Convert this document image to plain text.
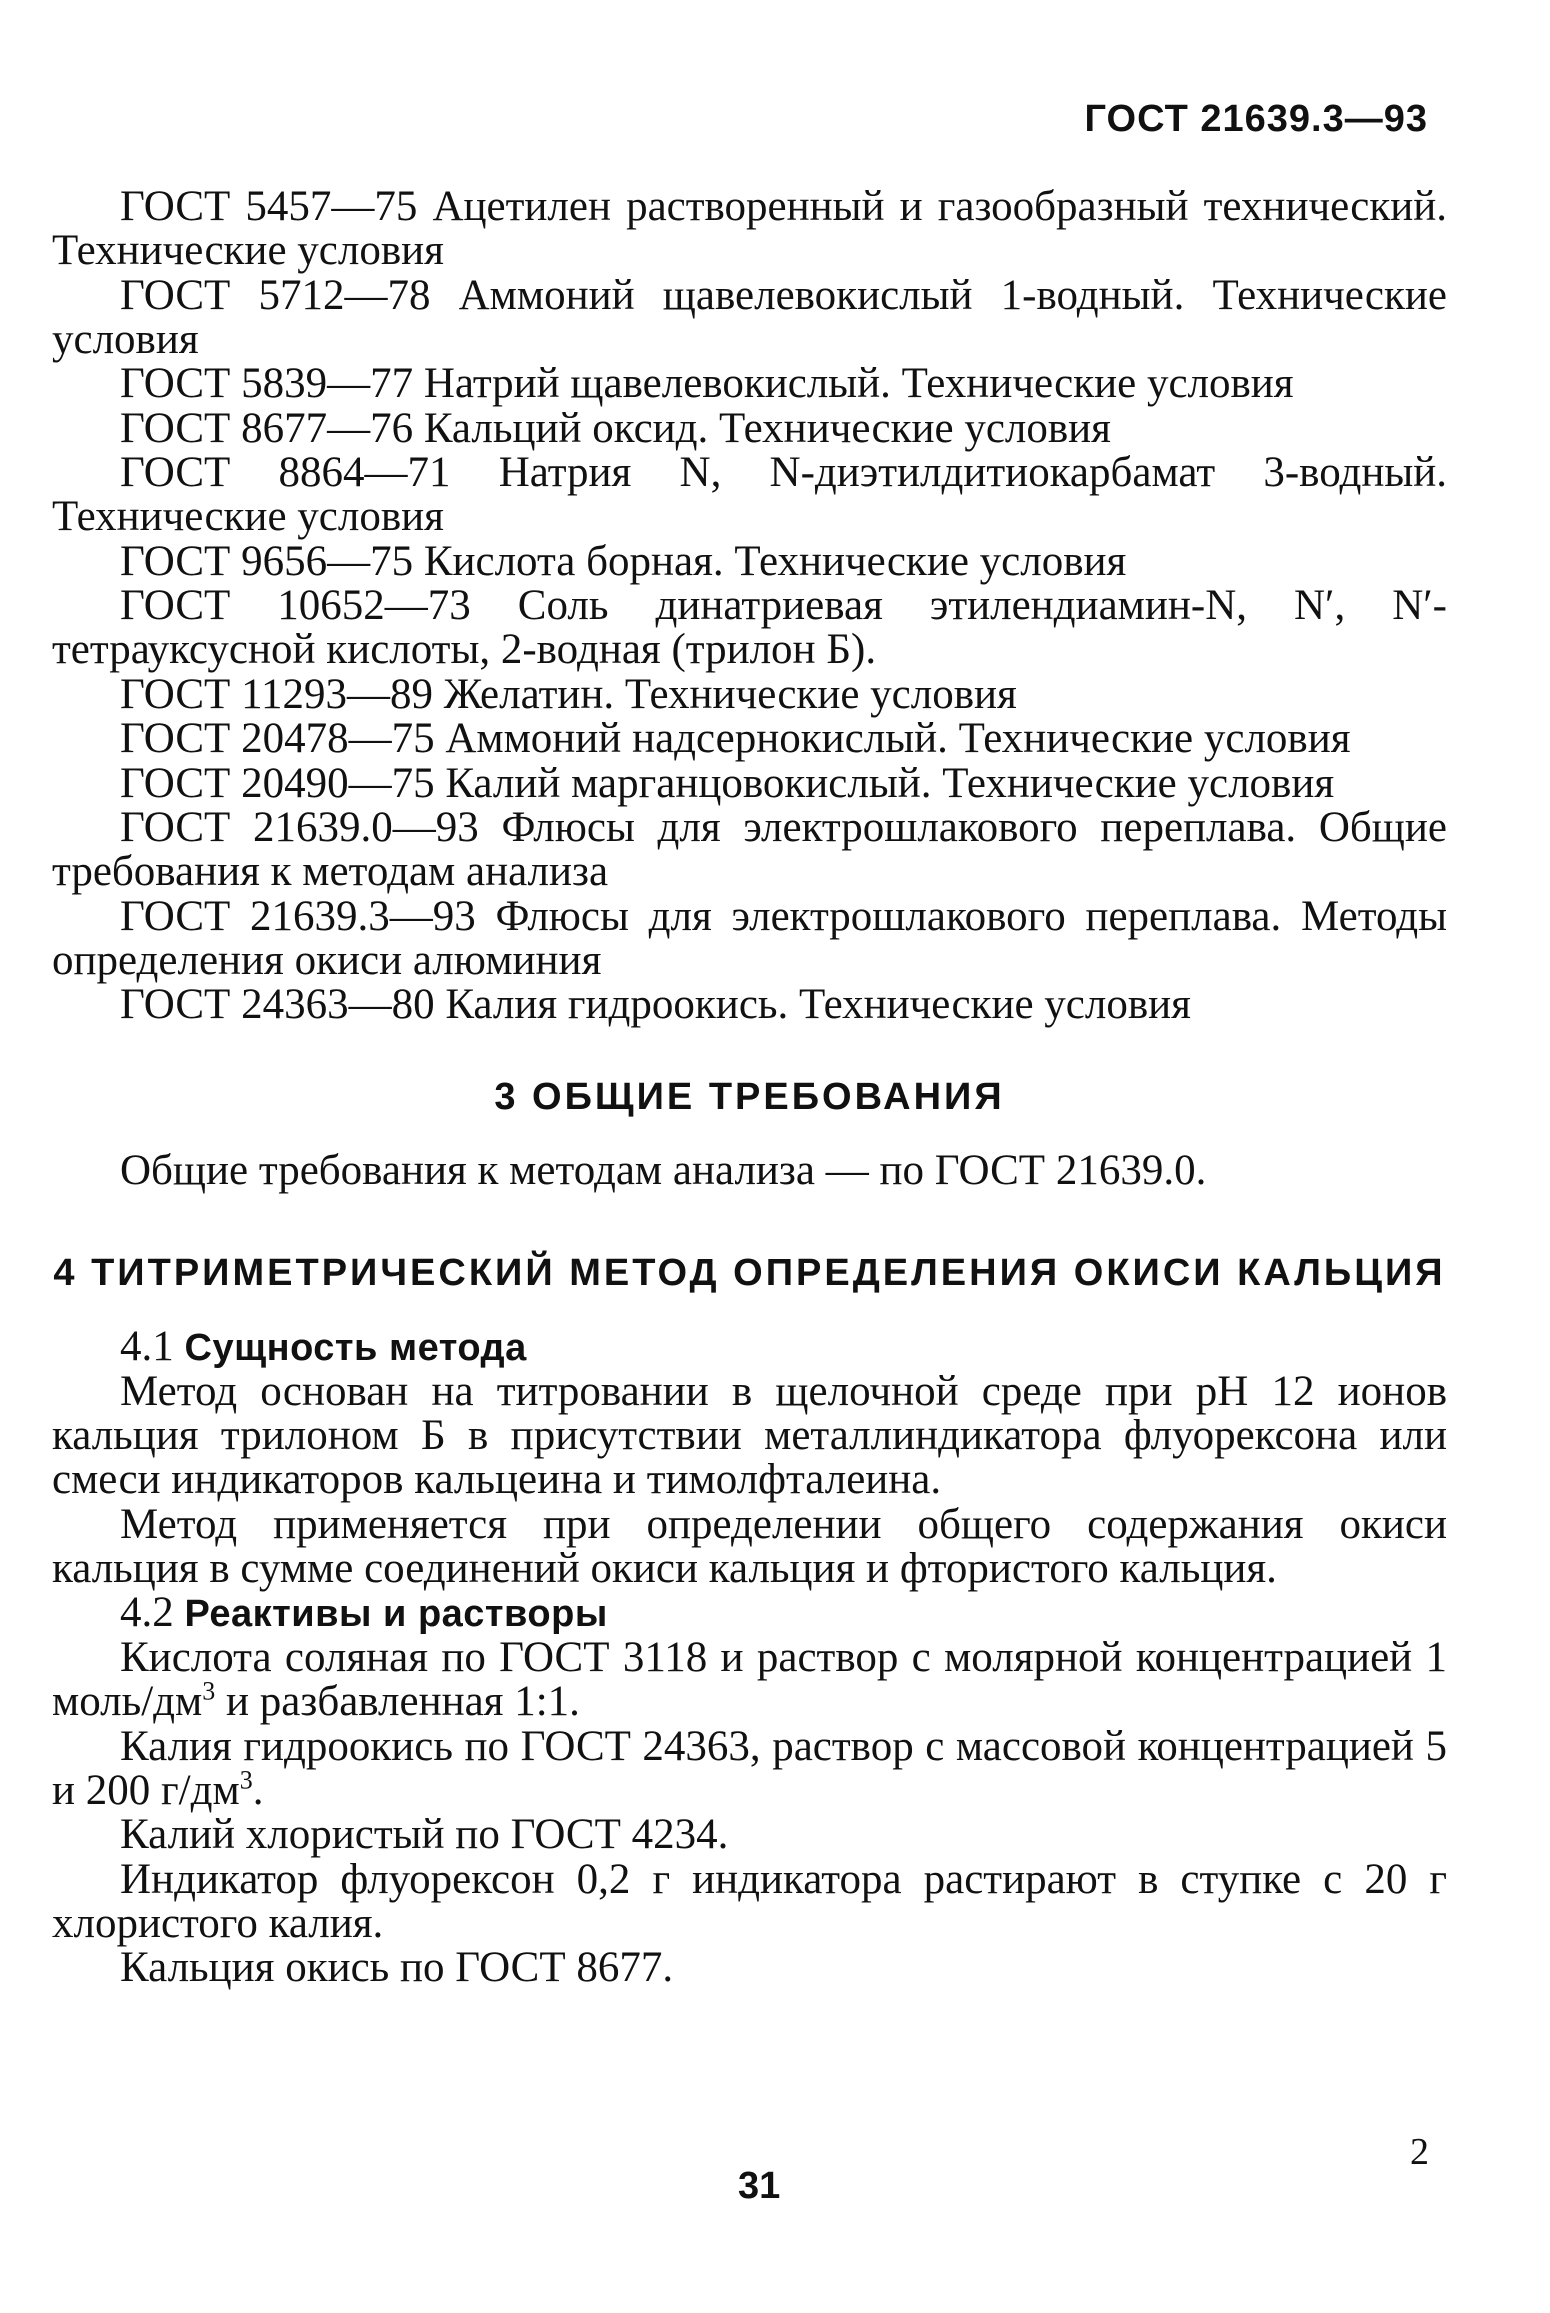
ГОСТ 21639.3—93

ГОСТ 5457—75 Ацетилен растворенный и газообразный технический. Технические условия

ГОСТ 5712—78 Аммоний щавелевокислый 1-водный. Технические условия

ГОСТ 5839—77 Натрий щавелевокислый. Технические условия

ГОСТ 8677—76 Кальций оксид. Технические условия

ГОСТ 8864—71 Натрия N, N-диэтилдитиокарбамат 3-водный. Технические условия

ГОСТ 9656—75 Кислота борная. Технические условия

ГОСТ 10652—73 Соль динатриевая этилендиамин-N, N′, N′-тетрауксусной кислоты, 2-водная (трилон Б).

ГОСТ 11293—89 Желатин. Технические условия

ГОСТ 20478—75 Аммоний надсернокислый. Технические условия

ГОСТ 20490—75 Калий марганцовокислый. Технические условия

ГОСТ 21639.0—93 Флюсы для электрошлакового переплава. Общие требования к методам анализа

ГОСТ 21639.3—93 Флюсы для электрошлакового переплава. Методы определения окиси алюминия

ГОСТ 24363—80 Калия гидроокись. Технические условия

3 ОБЩИЕ ТРЕБОВАНИЯ

Общие требования к методам анализа — по ГОСТ 21639.0.

4 ТИТРИМЕТРИЧЕСКИЙ МЕТОД ОПРЕДЕЛЕНИЯ ОКИСИ КАЛЬЦИЯ

4.1 Сущность метода

Метод основан на титровании в щелочной среде при pH 12 ионов кальция трилоном Б в присутствии металлиндикатора флуорексона или смеси индикаторов кальцеина и тимолфталеина.

Метод применяется при определении общего содержания окиси кальция в сумме соединений окиси кальция и фтористого кальция.

4.2 Реактивы и растворы

Кислота соляная по ГОСТ 3118 и раствор с молярной концентрацией 1 моль/$дм^3$ и разбавленная 1:1.

Калия гидроокись по ГОСТ 24363, раствор с массовой концентрацией 5 и 200 $г/дм^3$.

Калий хлористый по ГОСТ 4234.

Индикатор флуорексон 0,2 г индикатора растирают в ступке с 20 г хлористого калия.

Кальция окись по ГОСТ 8677.

2
31
